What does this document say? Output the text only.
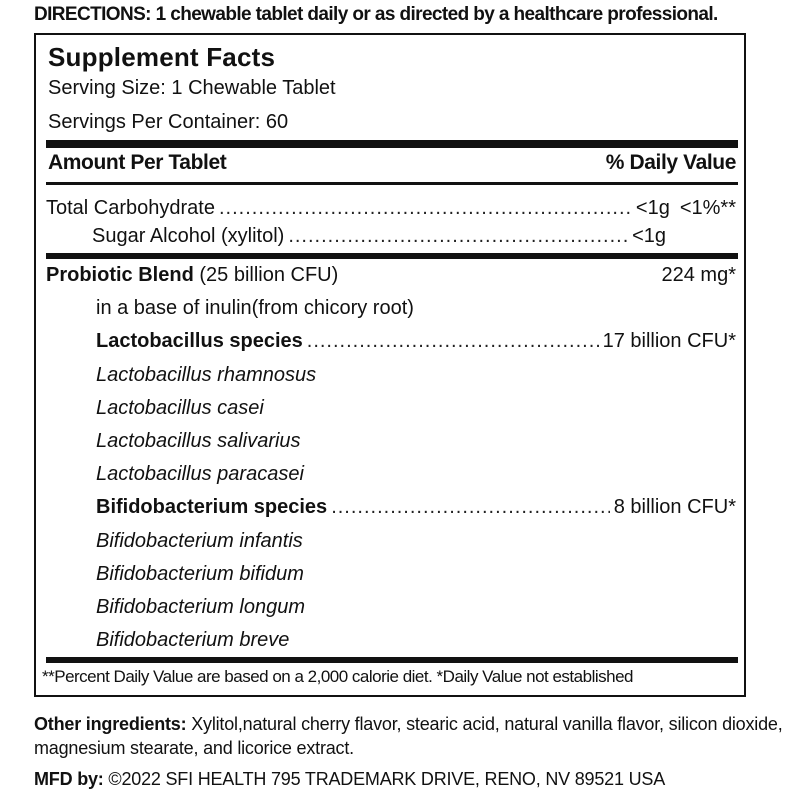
DIRECTIONS: 1 chewable tablet daily or as directed by a healthcare professional.
Supplement Facts
Serving Size: 1 Chewable Tablet
Servings Per Container: 60
Amount Per Tablet	% Daily Value
Total Carbohydrate .....	<1g <1%**
Sugar Alcohol (xylitol) .....	<1g
Probiotic Blend (25 billion CFU)	224 mg*
in a base of inulin(from chicory root)
Lactobacillus species .....	17 billion CFU*
Lactobacillus rhamnosus
Lactobacillus casei
Lactobacillus salivarius
Lactobacillus paracasei
Bifidobacterium species .....	8 billion CFU*
Bifidobacterium infantis
Bifidobacterium bifidum
Bifidobacterium longum
Bifidobacterium breve
**Percent Daily Value are based on a 2,000 calorie diet. *Daily Value not established
Other ingredients: Xylitol,natural cherry flavor, stearic acid, natural vanilla flavor, silicon dioxide, magnesium stearate, and licorice extract.
MFD by: ©2022 SFI HEALTH 795 TRADEMARK DRIVE, RENO, NV 89521 USA
